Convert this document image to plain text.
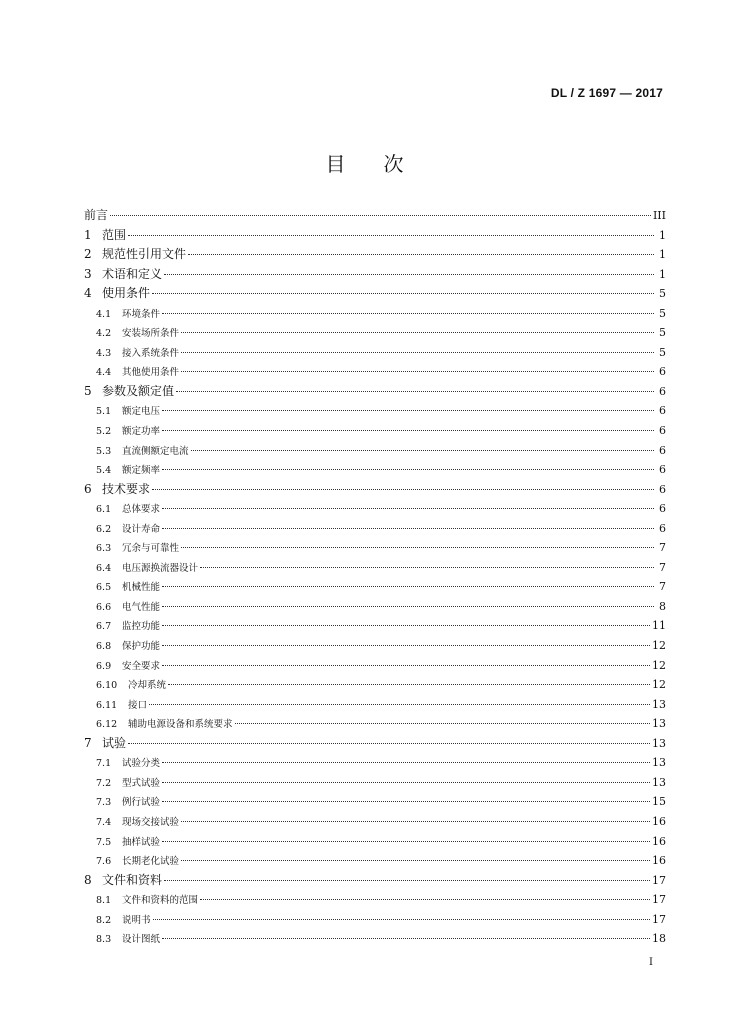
DL / Z 1697 — 2017
目次
前言	III
1 范围	1
2 规范性引用文件	1
3 术语和定义	1
4 使用条件	5
4.1	环境条件	5
4.2	安装场所条件	5
4.3	接入系统条件	5
4.4	其他使用条件	6
5 参数及额定值	6
5.1	额定电压	6
5.2	额定功率	6
5.3	直流侧额定电流	6
5.4	额定频率	6
6 技术要求	6
6.1	总体要求	6
6.2	设计寿命	6
6.3	冗余与可靠性	7
6.4	电压源换流器设计	7
6.5	机械性能	7
6.6	电气性能	8
6.7	监控功能	11
6.8	保护功能	12
6.9	安全要求	12
6.10	冷却系统	12
6.11	接口	13
6.12	辅助电源设备和系统要求	13
7 试验	13
7.1	试验分类	13
7.2	型式试验	13
7.3	例行试验	15
7.4	现场交接试验	16
7.5	抽样试验	16
7.6	长期老化试验	16
8 文件和资料	17
8.1	文件和资料的范围	17
8.2	说明书	17
8.3	设计图纸	18
I
